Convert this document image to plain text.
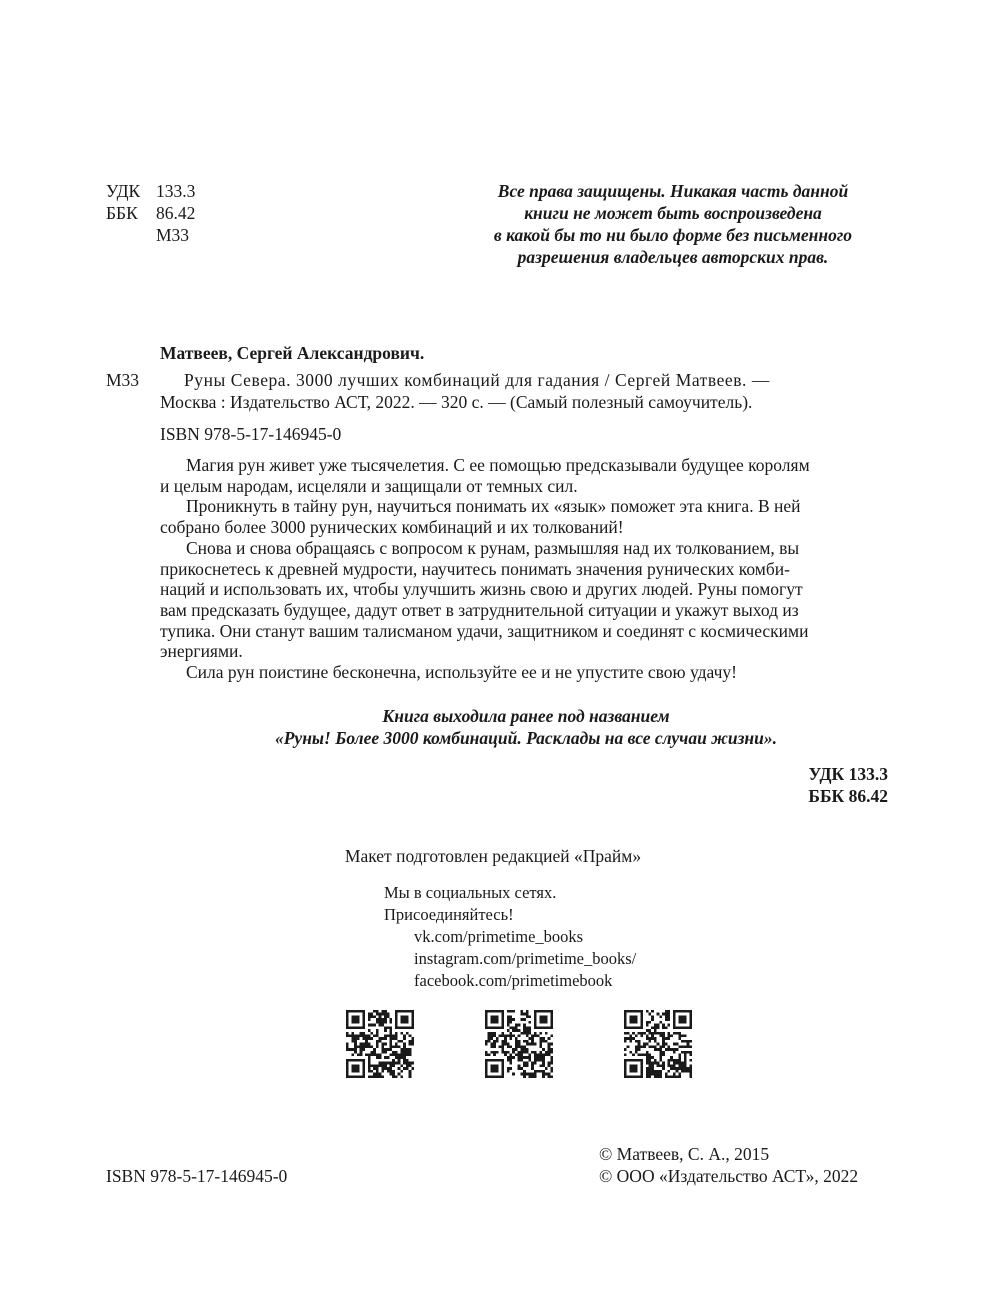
УДК 133.3
ББК	86.42
М33
Все права защищены. Никакая часть данной
книги не может быть воспроизведена
в какой бы то ни было форме без письменного
разрешения владельцев авторских прав.
Матвеев, Сергей Александрович.
М33	Руны Севера. 3000 лучших комбинаций для гадания / Сергей Матвеев. —
Москва : Издательство АСТ, 2022. — 320 с. — (Самый полезный самоучитель).
ISBN 978-5-17-146945-0
Магия рун живет уже тысячелетия. С ее помощью предсказывали будущее королям
и целым народам, исцеляли и защищали от темных сил.
Проникнуть в тайну рун, научиться понимать их «язык» поможет эта книга. В ней
собрано более 3000 рунических комбинаций и их толкований!
Снова и снова обращаясь с вопросом к рунам, размышляя над их толкованием, вы
прикоснетесь к древней мудрости, научитесь понимать значения рунических комби-
наций и использовать их, чтобы улучшить жизнь свою и других людей. Руны помогут
вам предсказать будущее, дадут ответ в затруднительной ситуации и укажут выход из
тупика. Они станут вашим талисманом удачи, защитником и соединят с космическими
энергиями.
Сила рун поистине бесконечна, используйте ее и не упустите свою удачу!
Книга выходила ранее под названием
«Руны! Более 3000 комбинаций. Расклады на все случаи жизни».
УДК 133.3
ББК 86.42
Макет подготовлен редакцией «Прайм»
Мы в социальных сетях.
Присоединяйтесь!
vk.com/primetime_books
instagram.com/primetime_books/
facebook.com/primetimebook
© Матвеев, С. А., 2015
© ООО «Издательство АСТ», 2022
ISBN 978-5-17-146945-0
